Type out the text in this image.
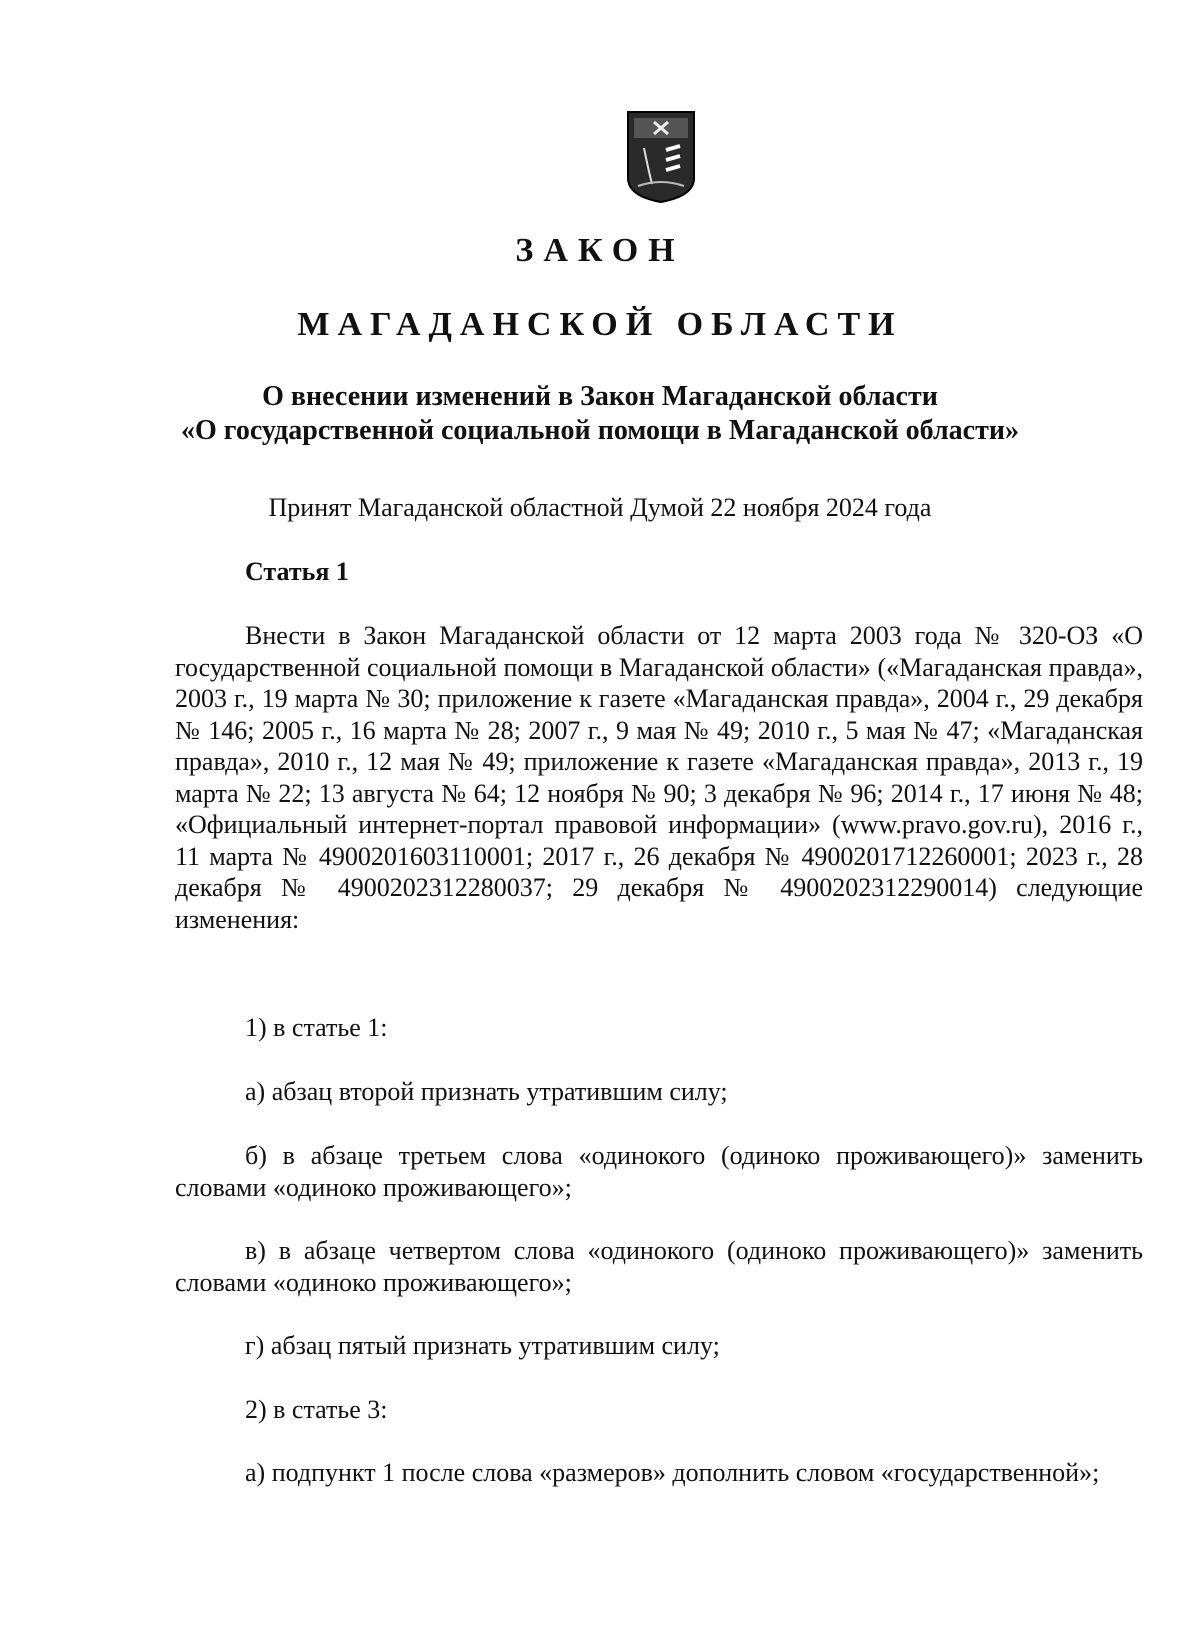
ЗАКОН
МАГАДАНСКОЙ ОБЛАСТИ
О внесении изменений в Закон Магаданской области
«О государственной социальной помощи в Магаданской области»
Принят Магаданской областной Думой 22 ноября 2024 года
Статья 1
Внести в Закон Магаданской области от 12 марта 2003 года № 320-ОЗ «О государственной социальной помощи в Магаданской области» («Магаданская правда», 2003 г., 19 марта № 30; приложение к газете «Магаданская правда», 2004 г., 29 декабря № 146; 2005 г., 16 марта № 28; 2007 г., 9 мая № 49; 2010 г., 5 мая № 47; «Магаданская правда», 2010 г., 12 мая № 49; приложение к газете «Магаданская правда», 2013 г., 19 марта № 22; 13 августа № 64; 12 ноября № 90; 3 декабря № 96; 2014 г., 17 июня № 48; «Официальный интернет-портал правовой информации» (www.pravo.gov.ru), 2016 г., 11 марта № 4900201603110001; 2017 г., 26 декабря № 4900201712260001; 2023 г., 28 декабря № 4900202312280037; 29 декабря № 4900202312290014) следующие изменения:
1) в статье 1:
а) абзац второй признать утратившим силу;
б) в абзаце третьем слова «одинокого (одиноко проживающего)» заменить словами «одиноко проживающего»;
в) в абзаце четвертом слова «одинокого (одиноко проживающего)» заменить словами «одиноко проживающего»;
г) абзац пятый признать утратившим силу;
2) в статье 3:
а) подпункт 1 после слова «размеров» дополнить словом «государственной»;
